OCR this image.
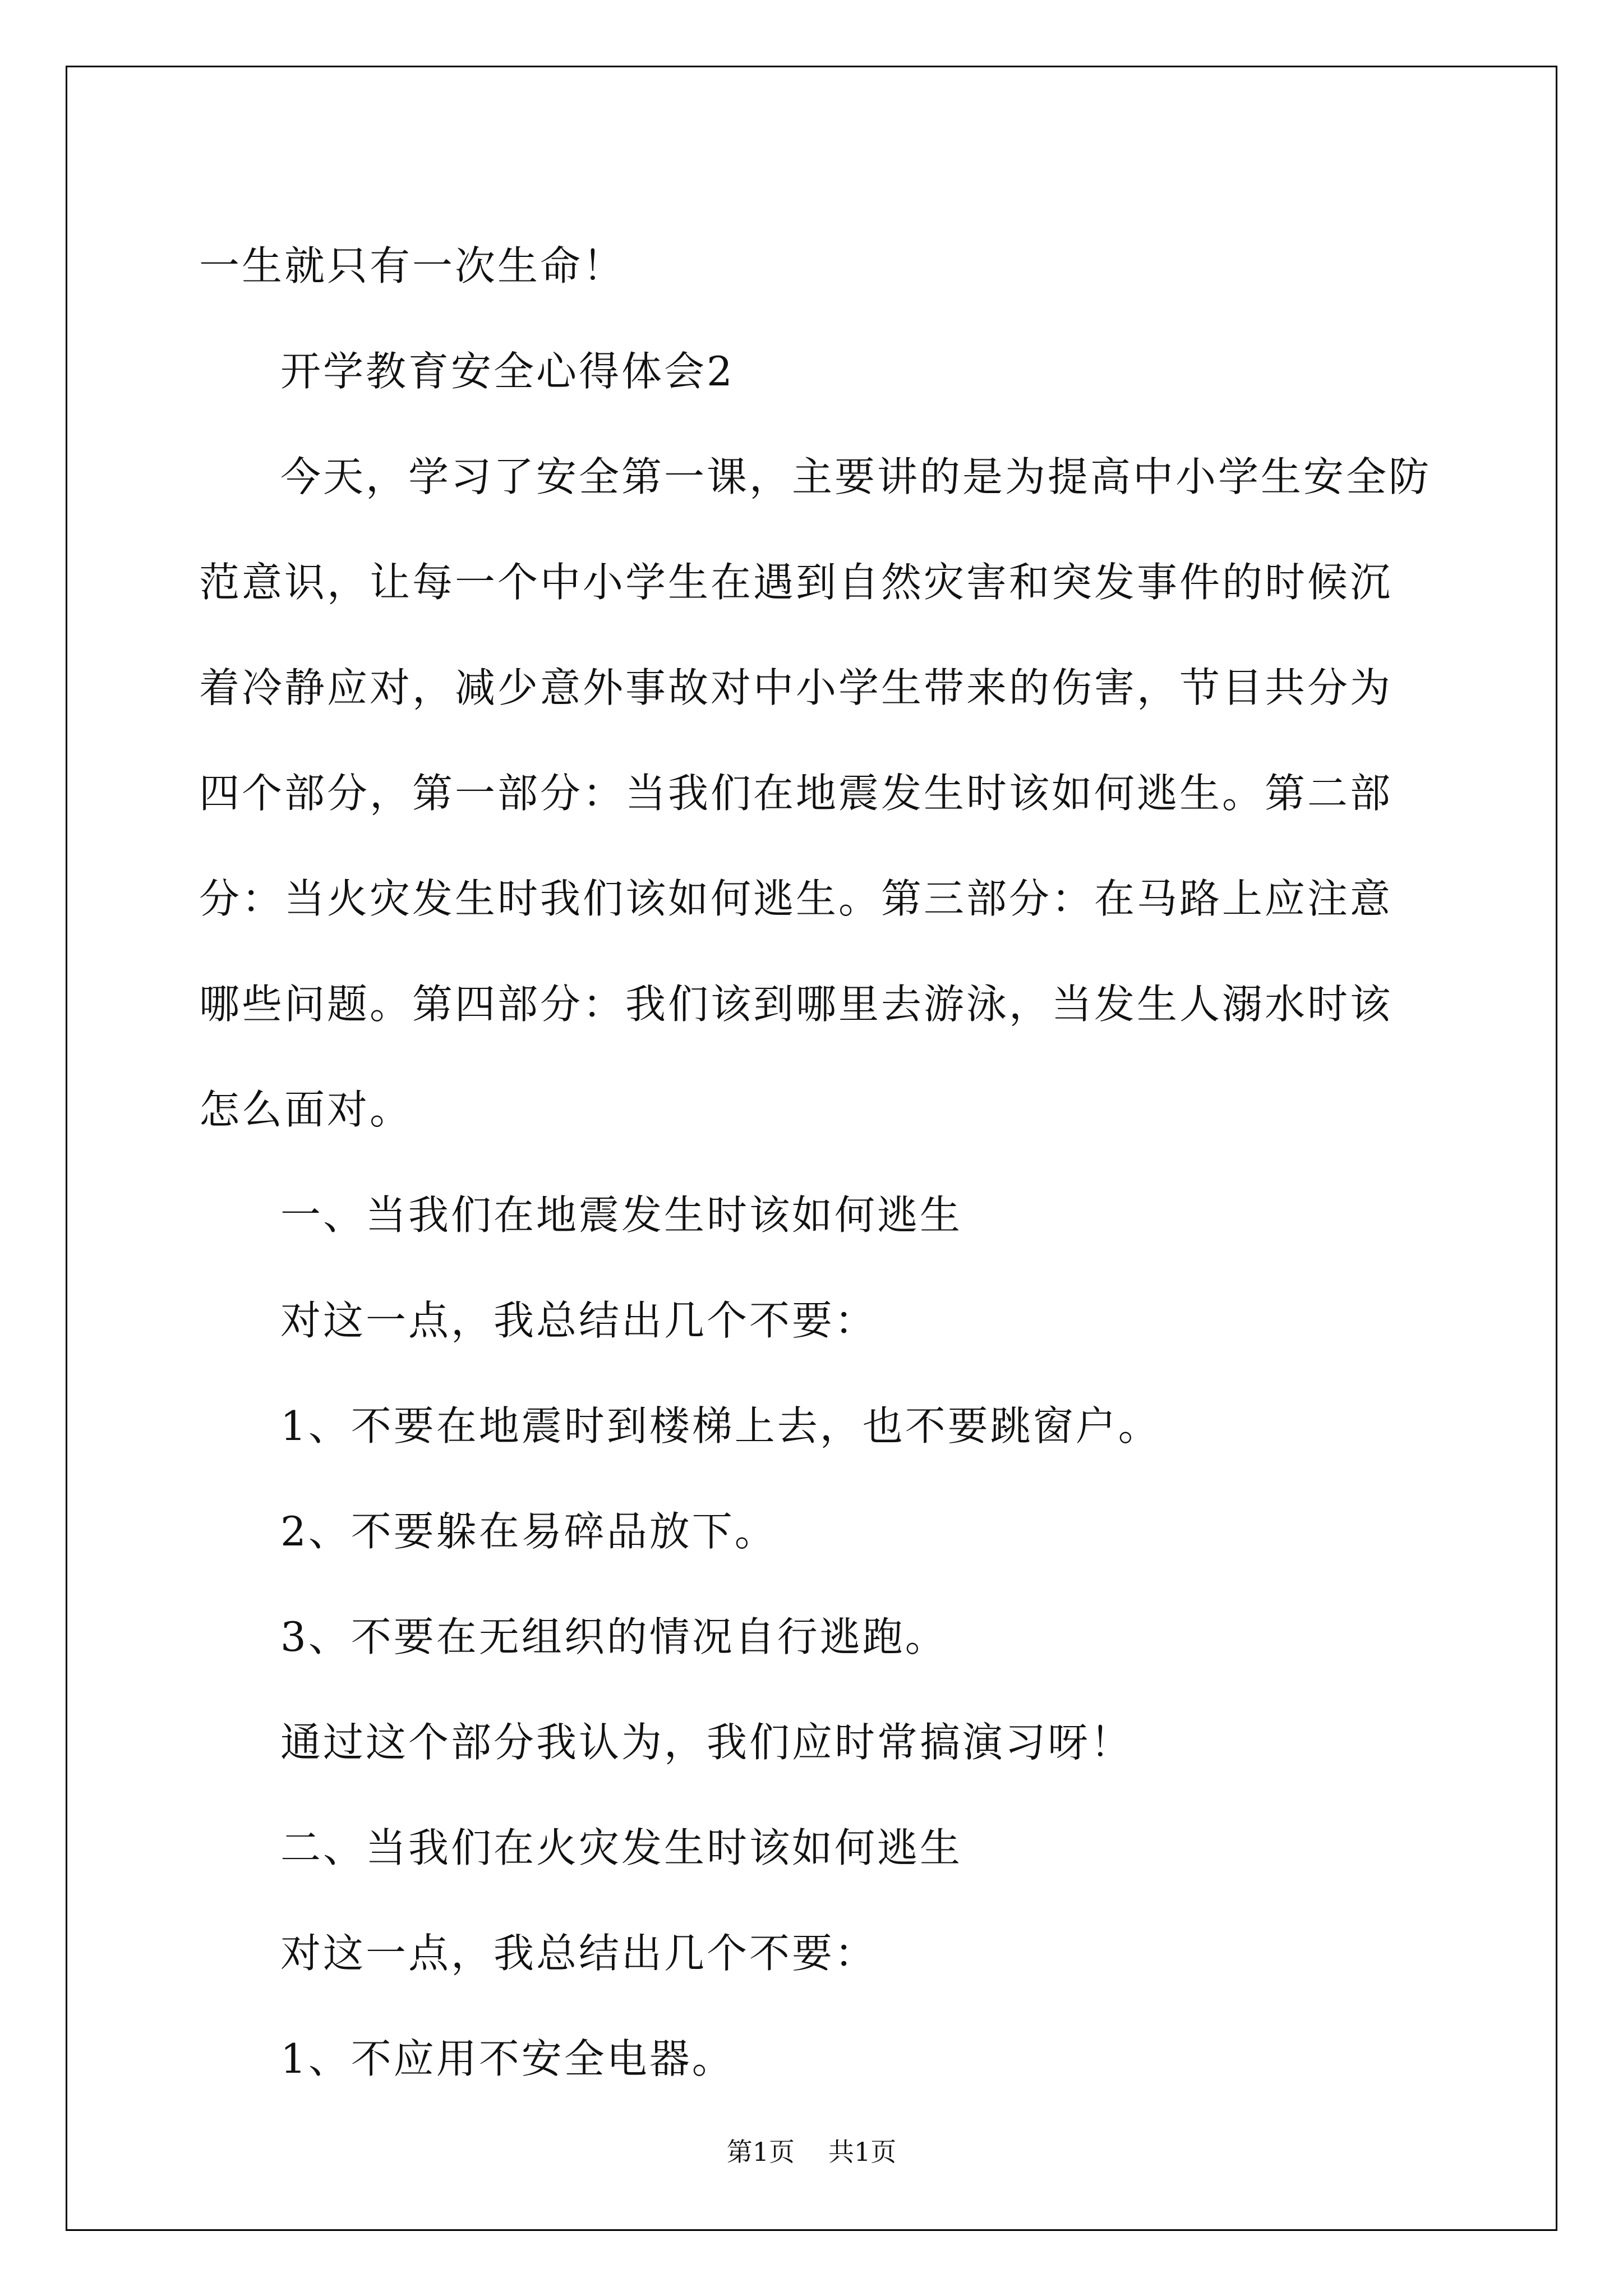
一生就只有一次生命！

开学教育安全心得体会2

今天，学习了安全第一课，主要讲的是为提高中小学生安全防范意识，让每一个中小学生在遇到自然灾害和突发事件的时候沉着冷静应对，减少意外事故对中小学生带来的伤害，节目共分为四个部分，第一部分：当我们在地震发生时该如何逃生。第二部分：当火灾发生时我们该如何逃生。第三部分：在马路上应注意哪些问题。第四部分：我们该到哪里去游泳，当发生人溺水时该怎么面对。

一、当我们在地震发生时该如何逃生

对这一点，我总结出几个不要：

1、不要在地震时到楼梯上去，也不要跳窗户。

2、不要躲在易碎品放下。

3、不要在无组织的情况自行逃跑。

通过这个部分我认为，我们应时常搞演习呀！

二、当我们在火灾发生时该如何逃生

对这一点，我总结出几个不要：

1、不应用不安全电器。

第1页 共1页
